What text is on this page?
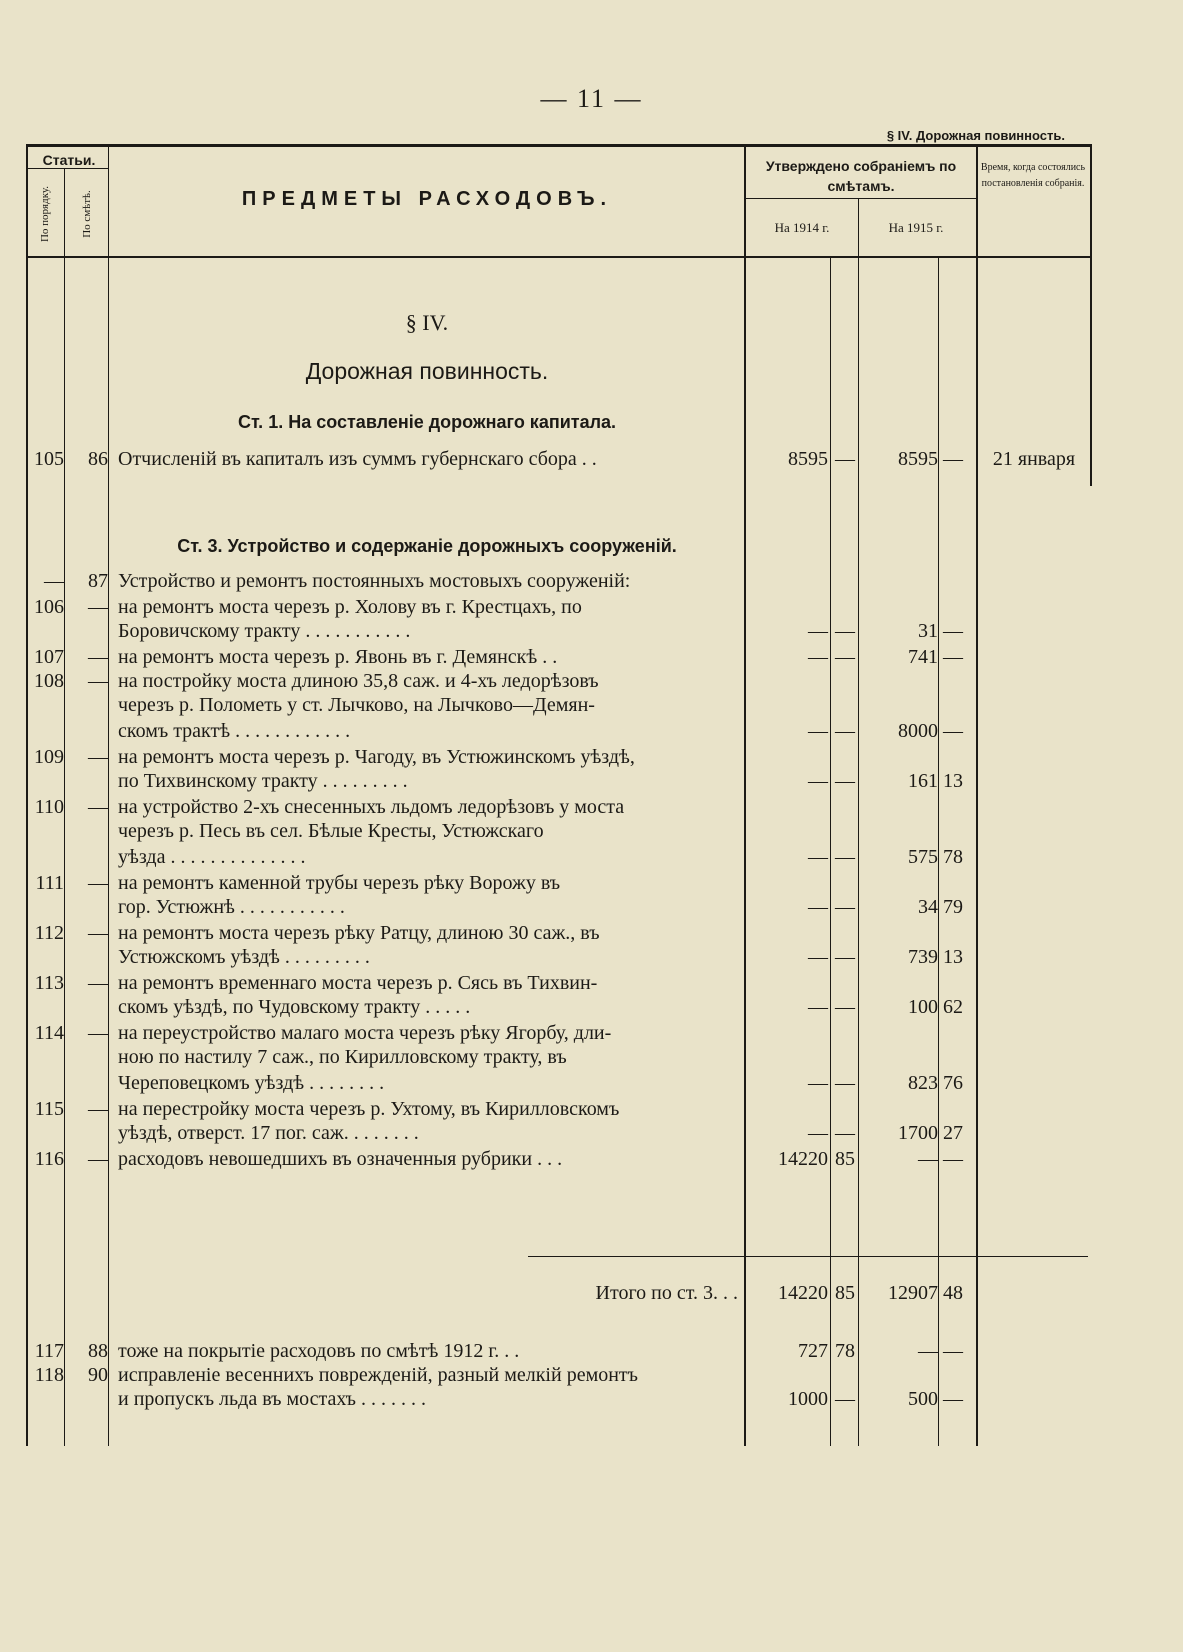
— 11 —
§ IV. Дорожная повинность.
Статьи.
По порядку.	По смѣтѣ.	ПРЕДМЕТЫ РАСХОДОВЪ.
Утверждено собраніемъ по смѣтамъ.
На 1914 г.	На 1915 г.
Время, когда состоялись постановленія собранія.
§ IV.
Дорожная повинность.
Ст. 1. На составленіе дорожнаго капитала.
Ст. 3. Устройство и содержаніе дорожныхъ сооруженій.
105	86 Отчисленій въ капиталъ изъ суммъ губернскаго сбора . .	8595 —	8595 —	21 января
—	87 Устройство и ремонтъ постоянныхъ мостовыхъ сооруженій:
106	— на ремонтъ моста черезъ р. Холову въ г. Крестцахъ, по
Боровичскому тракту . . . . . . . . . . .	— —	31 —
107	— на ремонтъ моста черезъ р. Явонь въ г. Демянскѣ . .	— —	741 —
108	— на постройку моста длиною 35,8 саж. и 4-хъ ледорѣзовъ
черезъ р. Полометь у ст. Лычково, на Лычково—Демян-
скомъ трактѣ . . . . . . . . . . . .	— —	8000 —
109	— на ремонтъ моста черезъ р. Чагоду, въ Устюжинскомъ уѣздѣ,
по Тихвинскому тракту . . . . . . . . .	— —	161 13
110	— на устройство 2-хъ снесенныхъ льдомъ ледорѣзовъ у моста
черезъ р. Песь въ сел. Бѣлые Кресты, Устюжскаго
уѣзда . . . . . . . . . . . . . .	— —	575 78
111	— на ремонтъ каменной трубы черезъ рѣку Ворожу въ
гор. Устюжнѣ . . . . . . . . . . .	— —	34 79
112	— на ремонтъ моста черезъ рѣку Ратцу, длиною 30 саж., въ
Устюжскомъ уѣздѣ . . . . . . . . .	— —	739 13
113	— на ремонтъ временнаго моста черезъ р. Сясь въ Тихвин-
скомъ уѣздѣ, по Чудовскому тракту . . . . .	— —	100 62
114	— на переустройство малаго моста черезъ рѣку Ягорбу, дли-
ною по настилу 7 саж., по Кирилловскому тракту, въ
Череповецкомъ уѣздѣ . . . . . . . .	— —	823 76
115	— на перестройку моста черезъ р. Ухтому, въ Кирилловскомъ
уѣздѣ, отверст. 17 пог. саж. . . . . . . .	— —	1700 27
116	— расходовъ невошедшихъ въ означенныя рубрики . . .	14220 85	— —
Итого по ст. 3. . .	14220 85	12907 48
117	88 тоже на покрытіе расходовъ по смѣтѣ 1912 г. . .	727 78	— —
118	90 исправленіе весеннихъ поврежденій, разный мелкій ремонтъ
и пропускъ льда въ мостахъ . . . . . . .	1000 —	500 —
